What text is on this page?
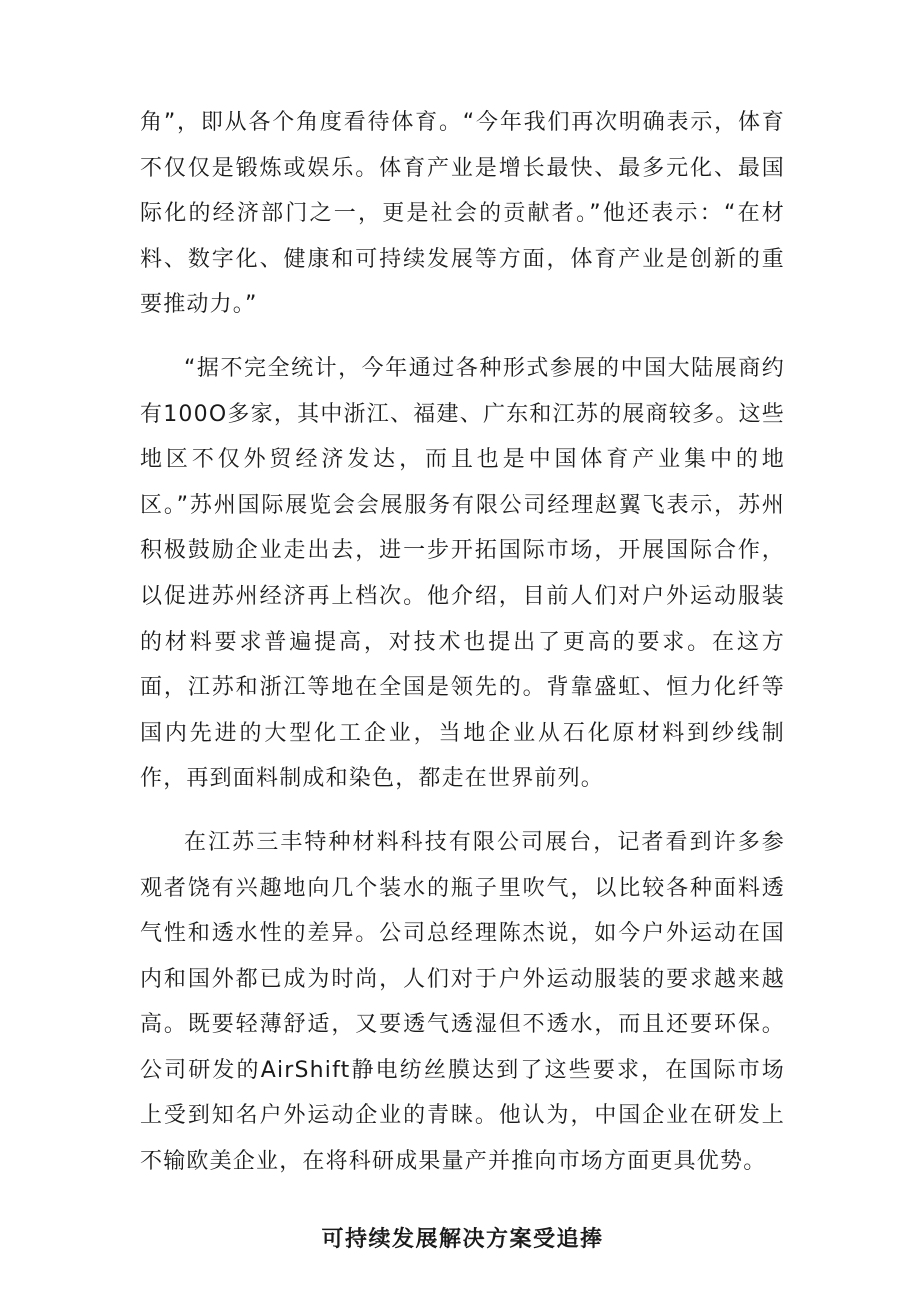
角”，即从各个角度看待体育。“今年我们再次明确表示，体育不仅仅是锻炼或娱乐。体育产业是增长最快、最多元化、最国际化的经济部门之一，更是社会的贡献者。”他还表示：“在材料、数字化、健康和可持续发展等方面，体育产业是创新的重要推动力。”

“据不完全统计，今年通过各种形式参展的中国大陆展商约有100O多家，其中浙江、福建、广东和江苏的展商较多。这些地区不仅外贸经济发达，而且也是中国体育产业集中的地区。”苏州国际展览会会展服务有限公司经理赵翼飞表示，苏州积极鼓励企业走出去，进一步开拓国际市场，开展国际合作，以促进苏州经济再上档次。他介绍，目前人们对户外运动服装的材料要求普遍提高，对技术也提出了更高的要求。在这方面，江苏和浙江等地在全国是领先的。背靠盛虹、恒力化纤等国内先进的大型化工企业，当地企业从石化原材料到纱线制作，再到面料制成和染色，都走在世界前列。

在江苏三丰特种材料科技有限公司展台，记者看到许多参观者饶有兴趣地向几个装水的瓶子里吹气，以比较各种面料透气性和透水性的差异。公司总经理陈杰说，如今户外运动在国内和国外都已成为时尚，人们对于户外运动服装的要求越来越高。既要轻薄舒适，又要透气透湿但不透水，而且还要环保。公司研发的AirShift静电纺丝膜达到了这些要求，在国际市场上受到知名户外运动企业的青睐。他认为，中国企业在研发上不输欧美企业，在将科研成果量产并推向市场方面更具优势。

可持续发展解决方案受追捧
